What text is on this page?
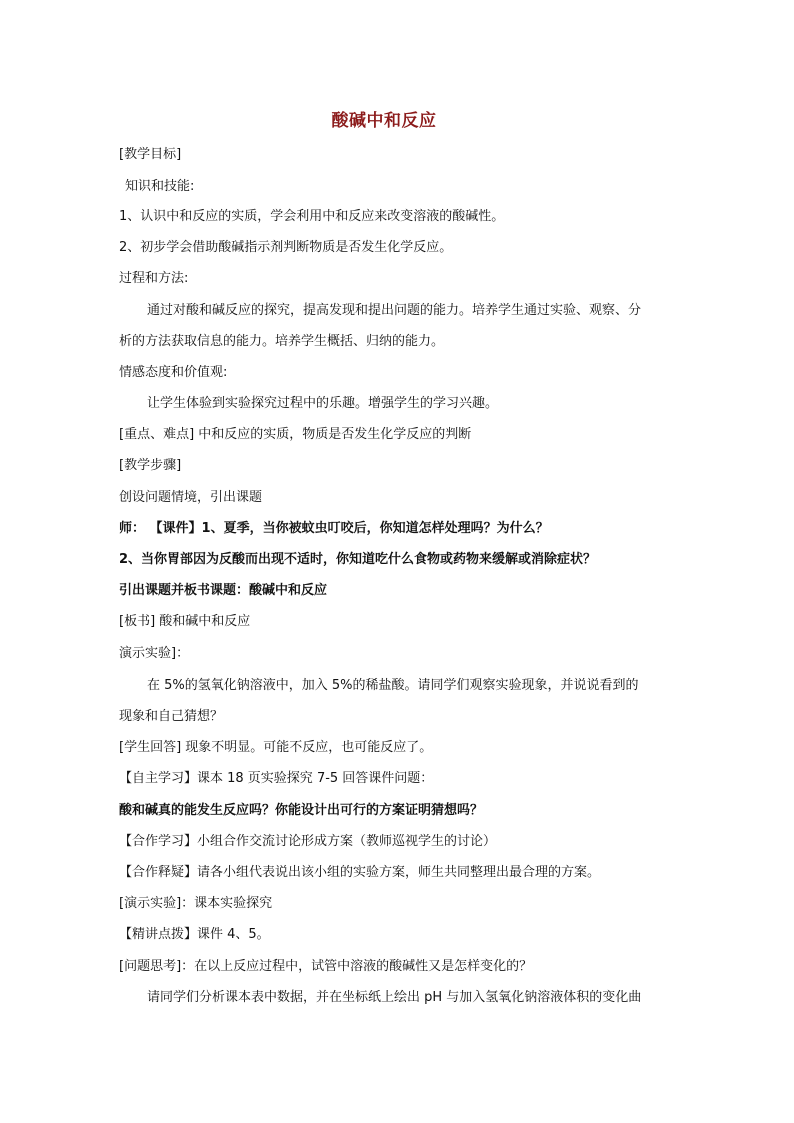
酸碱中和反应
[教学目标]
知识和技能:
1、认识中和反应的实质，学会利用中和反应来改变溶液的酸碱性。
2、初步学会借助酸碱指示剂判断物质是否发生化学反应。
过程和方法:
通过对酸和碱反应的探究，提高发现和提出问题的能力。培养学生通过实验、观察、分
析的方法获取信息的能力。培养学生概括、归纳的能力。
情感态度和价值观:
让学生体验到实验探究过程中的乐趣。增强学生的学习兴趣。
[重点、难点] 中和反应的实质，物质是否发生化学反应的判断
[教学步骤]
创设问题情境，引出课题
师： 【课件】1、夏季，当你被蚊虫叮咬后，你知道怎样处理吗？为什么？
2、当你胃部因为反酸而出现不适时，你知道吃什么食物或药物来缓解或消除症状？
引出课题并板书课题：酸碱中和反应
[板书] 酸和碱中和反应
演示实验]：
在 5%的氢氧化钠溶液中，加入 5%的稀盐酸。请同学们观察实验现象，并说说看到的
现象和自己猜想？
[学生回答] 现象不明显。可能不反应，也可能反应了。
【自主学习】课本 18 页实验探究 7-5 回答课件问题：
酸和碱真的能发生反应吗？你能设计出可行的方案证明猜想吗？
【合作学习】小组合作交流讨论形成方案（教师巡视学生的讨论）
【合作释疑】请各小组代表说出该小组的实验方案，师生共同整理出最合理的方案。
[演示实验]：课本实验探究
【精讲点拨】课件 4、5。
[问题思考]：在以上反应过程中，试管中溶液的酸碱性又是怎样变化的？
请同学们分析课本表中数据，并在坐标纸上绘出 pH 与加入氢氧化钠溶液体积的变化曲
